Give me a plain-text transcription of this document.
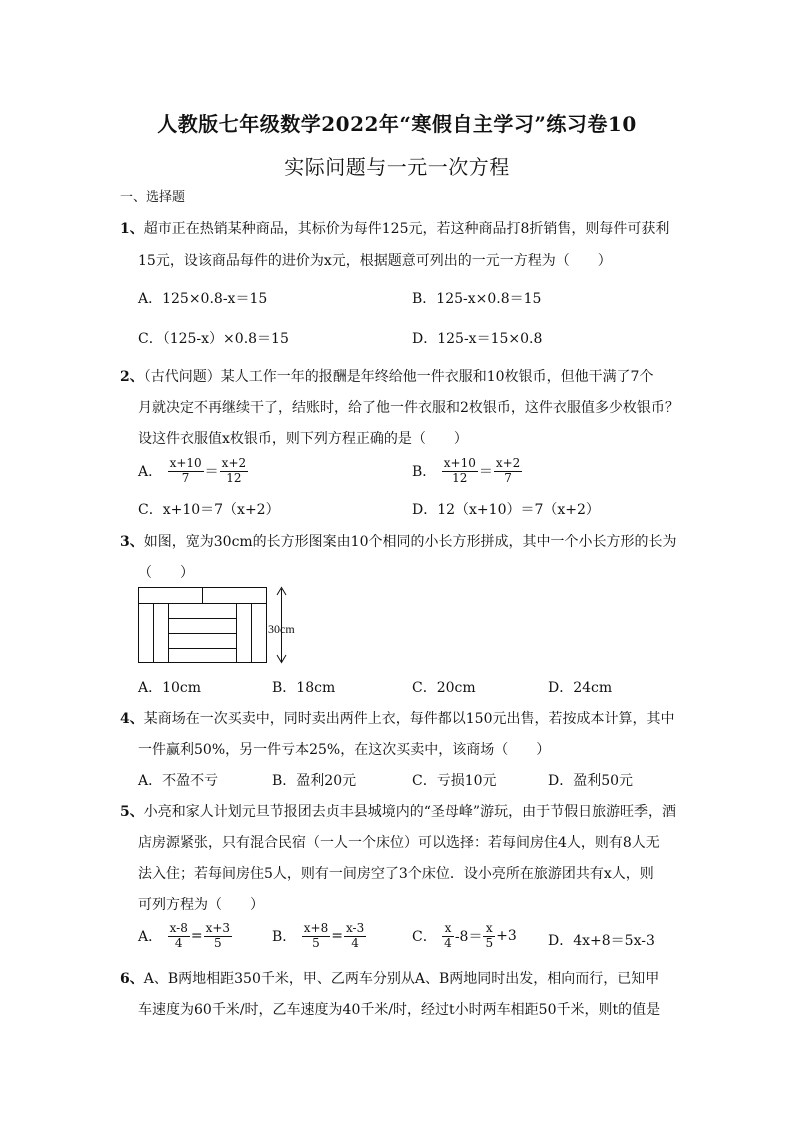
人教版七年级数学2022年“寒假自主学习”练习卷10
实际问题与一元一次方程
一、选择题
1、超市正在热销某种商品，其标价为每件125元，若这种商品打8折销售，则每件可获利
15元，设该商品每件的进价为x元，根据题意可列出的一元一方程为（　　）
A．125×0.8-x＝15	B．125-x×0.8＝15
C．（125-x）×0.8＝15	D．125-x＝15×0.8
2、（古代问题）某人工作一年的报酬是年终给他一件衣服和10枚银币，但他干满了7个
月就决定不再继续干了，结账时，给了他一件衣服和2枚银币，这件衣服值多少枚银币？
设这件衣服值x枚银币，则下列方程正确的是（　　）
A． $\frac{x+10}{7} = \frac{x+2}{12}$	B． $\frac{x+10}{12} = \frac{x+2}{7}$
C．x+10＝7（x+2）	D．12（x+10）＝7（x+2）
3、如图，宽为30cm的长方形图案由10个相同的小长方形拼成，其中一个小长方形的长为
（　　）
30cm
A．10cm	B．18cm	C．20cm	D．24cm
4、某商场在一次买卖中，同时卖出两件上衣，每件都以150元出售，若按成本计算，其中
一件赢利50%，另一件亏本25%，在这次买卖中，该商场（　　）
A．不盈不亏	B．盈利20元	C．亏损10元	D．盈利50元
5、小亮和家人计划元旦节报团去贞丰县城境内的“圣母峰”游玩，由于节假日旅游旺季，酒
店房源紧张，只有混合民宿（一人一个床位）可以选择：若每间房住4人，则有8人无
法入住；若每间房住5人，则有一间房空了3个床位．设小亮所在旅游团共有x人，则
可列方程为（　　）
A． $\frac{x-8}{4} = \frac{x+3}{5}$	B． $\frac{x+8}{5} = \frac{x-3}{4}$	C． $\frac{x}{4} -8= \frac{x}{5} +3$ D．4x+8＝5x-3
6、A、B两地相距350千米，甲、乙两车分别从A、B两地同时出发，相向而行，已知甲
车速度为60千米/时，乙车速度为40千米/时，经过t小时两车相距50千米，则t的值是
